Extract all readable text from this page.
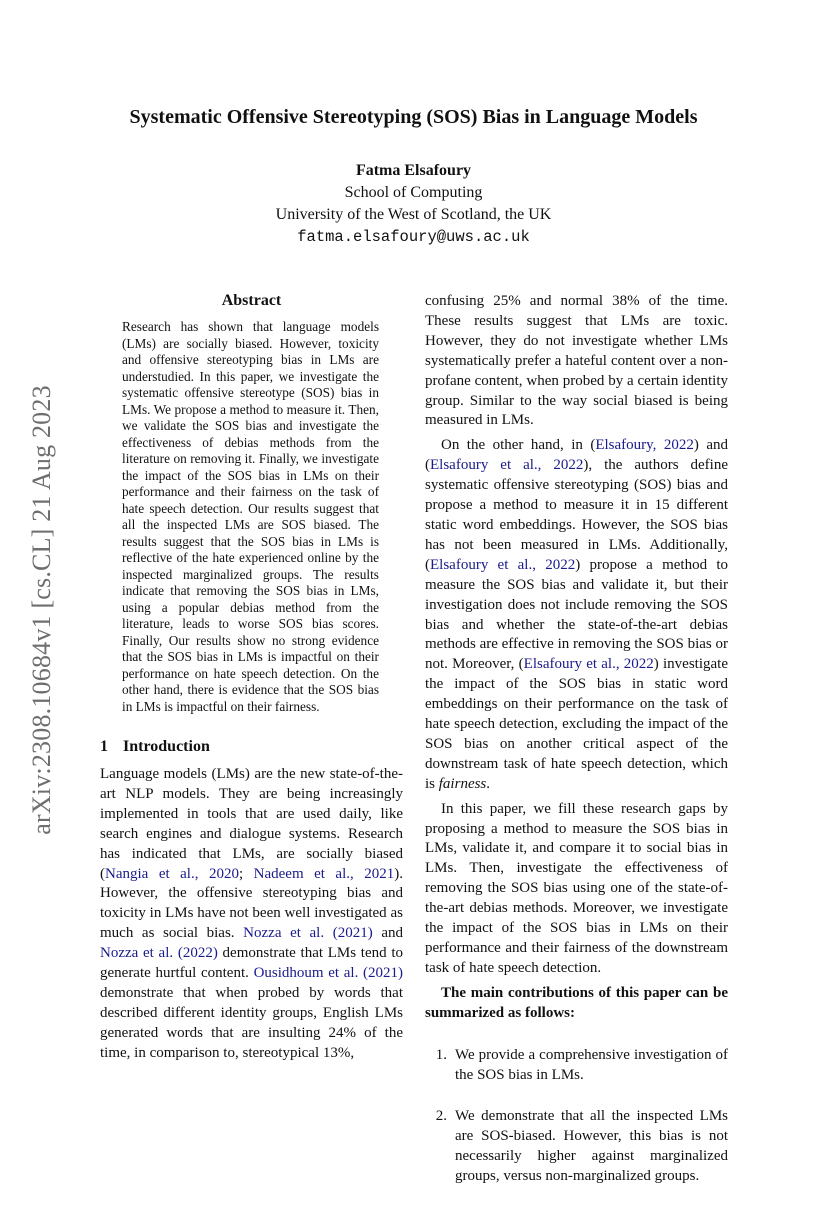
arXiv:2308.10684v1 [cs.CL] 21 Aug 2023
Systematic Offensive Stereotyping (SOS) Bias in Language Models
Fatma Elsafoury
School of Computing
University of the West of Scotland, the UK
fatma.elsafoury@uws.ac.uk
Abstract

Research has shown that language models (LMs) are socially biased. However, toxicity and offensive stereotyping bias in LMs are understudied. In this paper, we investigate the systematic offensive stereotype (SOS) bias in LMs. We propose a method to measure it. Then, we validate the SOS bias and investigate the effectiveness of debias methods from the literature on removing it. Finally, we investigate the impact of the SOS bias in LMs on their performance and their fairness on the task of hate speech detection. Our results suggest that all the inspected LMs are SOS biased. The results suggest that the SOS bias in LMs is reflective of the hate experienced online by the inspected marginalized groups. The results indicate that removing the SOS bias in LMs, using a popular debias method from the literature, leads to worse SOS bias scores. Finally, Our results show no strong evidence that the SOS bias in LMs is impactful on their performance on hate speech detection. On the other hand, there is evidence that the SOS bias in LMs is impactful on their fairness.

1 Introduction

Language models (LMs) are the new state-of-the-art NLP models. They are being increasingly implemented in tools that are used daily, like search engines and dialogue systems. Research has indicated that LMs, are socially biased (Nangia et al., 2020; Nadeem et al., 2021). However, the offensive stereotyping bias and toxicity in LMs have not been well investigated as much as social bias. Nozza et al. (2021) and Nozza et al. (2022) demonstrate that LMs tend to generate hurtful content. Ousidhoum et al. (2021) demonstrate that when probed by words that described different identity groups, English LMs generated words that are insulting 24% of the time, in comparison to, stereotypical 13%,

confusing 25% and normal 38% of the time. These results suggest that LMs are toxic. However, they do not investigate whether LMs systematically prefer a hateful content over a non-profane content, when probed by a certain identity group. Similar to the way social biased is being measured in LMs.

On the other hand, in (Elsafoury, 2022) and (Elsafoury et al., 2022), the authors define systematic offensive stereotyping (SOS) bias and propose a method to measure it in 15 different static word embeddings. However, the SOS bias has not been measured in LMs. Additionally, (Elsafoury et al., 2022) propose a method to measure the SOS bias and validate it, but their investigation does not include removing the SOS bias and whether the state-of-the-art debias methods are effective in removing the SOS bias or not. Moreover, (Elsafoury et al., 2022) investigate the impact of the SOS bias in static word embeddings on their performance on the task of hate speech detection, excluding the impact of the SOS bias on another critical aspect of the downstream task of hate speech detection, which is fairness.

In this paper, we fill these research gaps by proposing a method to measure the SOS bias in LMs, validate it, and compare it to social bias in LMs. Then, investigate the effectiveness of removing the SOS bias using one of the state-of-the-art debias methods. Moreover, we investigate the impact of the SOS bias in LMs on their performance and their fairness of the downstream task of hate speech detection.

The main contributions of this paper can be summarized as follows:

1. We provide a comprehensive investigation of the SOS bias in LMs.
2. We demonstrate that all the inspected LMs are SOS-biased. However, this bias is not necessarily higher against marginalized groups, versus non-marginalized groups.
